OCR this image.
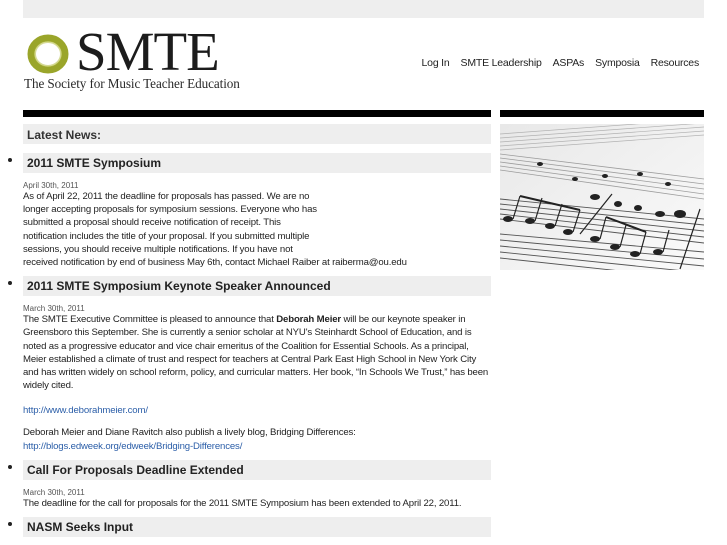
SMTE
The Society for Music Teacher Education
Log In SMTE Leadership ASPAs Symposia Resources
Latest News:
2011 SMTE Symposium
April 30th, 2011
As of April 22, 2011 the deadline for proposals has passed. We are no
longer accepting proposals for symposium sessions. Everyone who has
submitted a proposal should receive notification of receipt. This
notification includes the title of your proposal. If you submitted multiple
sessions, you should receive multiple notifications. If you have not
received notification by end of business May 6th, contact Michael Raiber at raiberma@ou.edu
2011 SMTE Symposium Keynote Speaker Announced
March 30th, 2011
The SMTE Executive Committee is pleased to announce that Deborah Meier will be our keynote speaker in Greensboro this September. She is currently a senior scholar at NYU's Steinhardt School of Education, and is noted as a progressive educator and vice chair emeritus of the Coalition for Essential Schools. As a principal, Meier established a climate of trust and respect for teachers at Central Park East High School in New York City and has written widely on school reform, policy, and curricular matters. Her book, “In Schools We Trust,” has been widely cited.
http://www.deborahmeier.com/
Deborah Meier and Diane Ravitch also publish a lively blog, Bridging Differences:
http://blogs.edweek.org/edweek/Bridging-Differences/
Call For Proposals Deadline Extended
March 30th, 2011
The deadline for the call for proposals for the 2011 SMTE Symposium has been extended to April 22, 2011.
NASM Seeks Input
